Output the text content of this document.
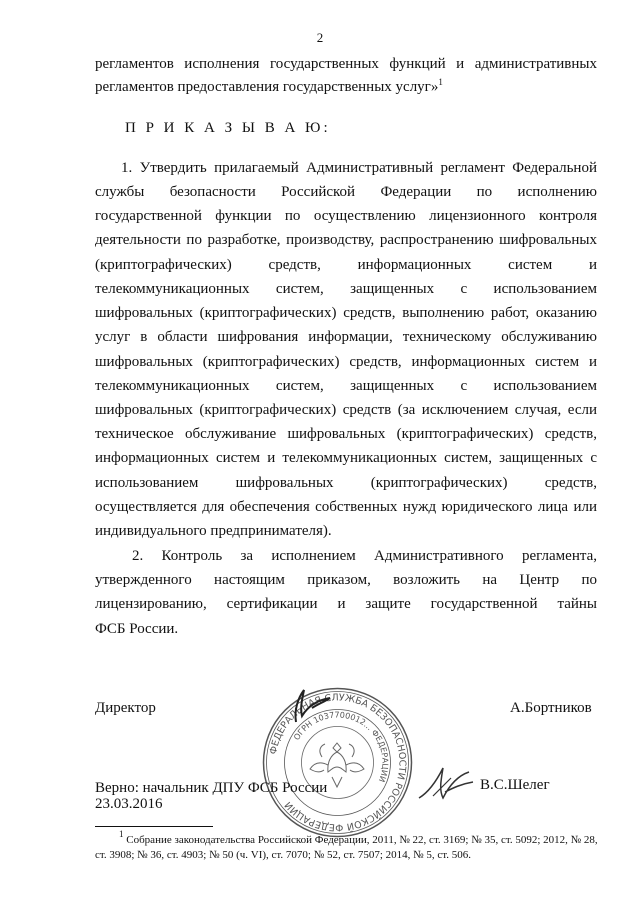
2
регламентов исполнения государственных функций и административных
регламентов предоставления государственных услуг»$^1$
П Р И К А З Ы В А Ю:
1. Утвердить прилагаемый Административный регламент Федеральной
службы безопасности Российской Федерации по исполнению
государственной функции по осуществлению лицензионного контроля
деятельности по разработке, производству, распространению шифровальных
(криптографических) средств, информационных систем и
телекоммуникационных систем, защищенных с использованием
шифровальных (криптографических) средств, выполнению работ, оказанию
услуг в области шифрования информации, техническому обслуживанию
шифровальных (криптографических) средств, информационных систем и
телекоммуникационных систем, защищенных с использованием
шифровальных (криптографических) средств (за исключением случая, если
техническое обслуживание шифровальных (криптографических) средств,
информационных систем и телекоммуникационных систем, защищенных с
использованием шифровальных (криптографических) средств,
осуществляется для обеспечения собственных нужд юридического лица или
индивидуального предпринимателя).
2. Контроль за исполнением Административного регламента,
утвержденного настоящим приказом, возложить на Центр по
лицензированию, сертификации и защите государственной тайны
ФСБ России.
ФЕДЕРАЛЬНАЯ СЛУЖБА БЕЗОПАСНОСТИ РОССИЙСКОЙ ФЕДЕРАЦИИ
ОГРН 1037700012... ФЕДЕРАЦИИ
Директор	А.Бортников
Верно: начальник ДПУ ФСБ России
23.03.2016
В.С.Шелег
$^1$ Собрание законодательства Российской Федерации, 2011, № 22, ст. 3169; № 35, ст. 5092; 2012, № 28,
ст. 3908; № 36, ст. 4903; № 50 (ч. VI), ст. 7070; № 52, ст. 7507; 2014, № 5, ст. 506.
